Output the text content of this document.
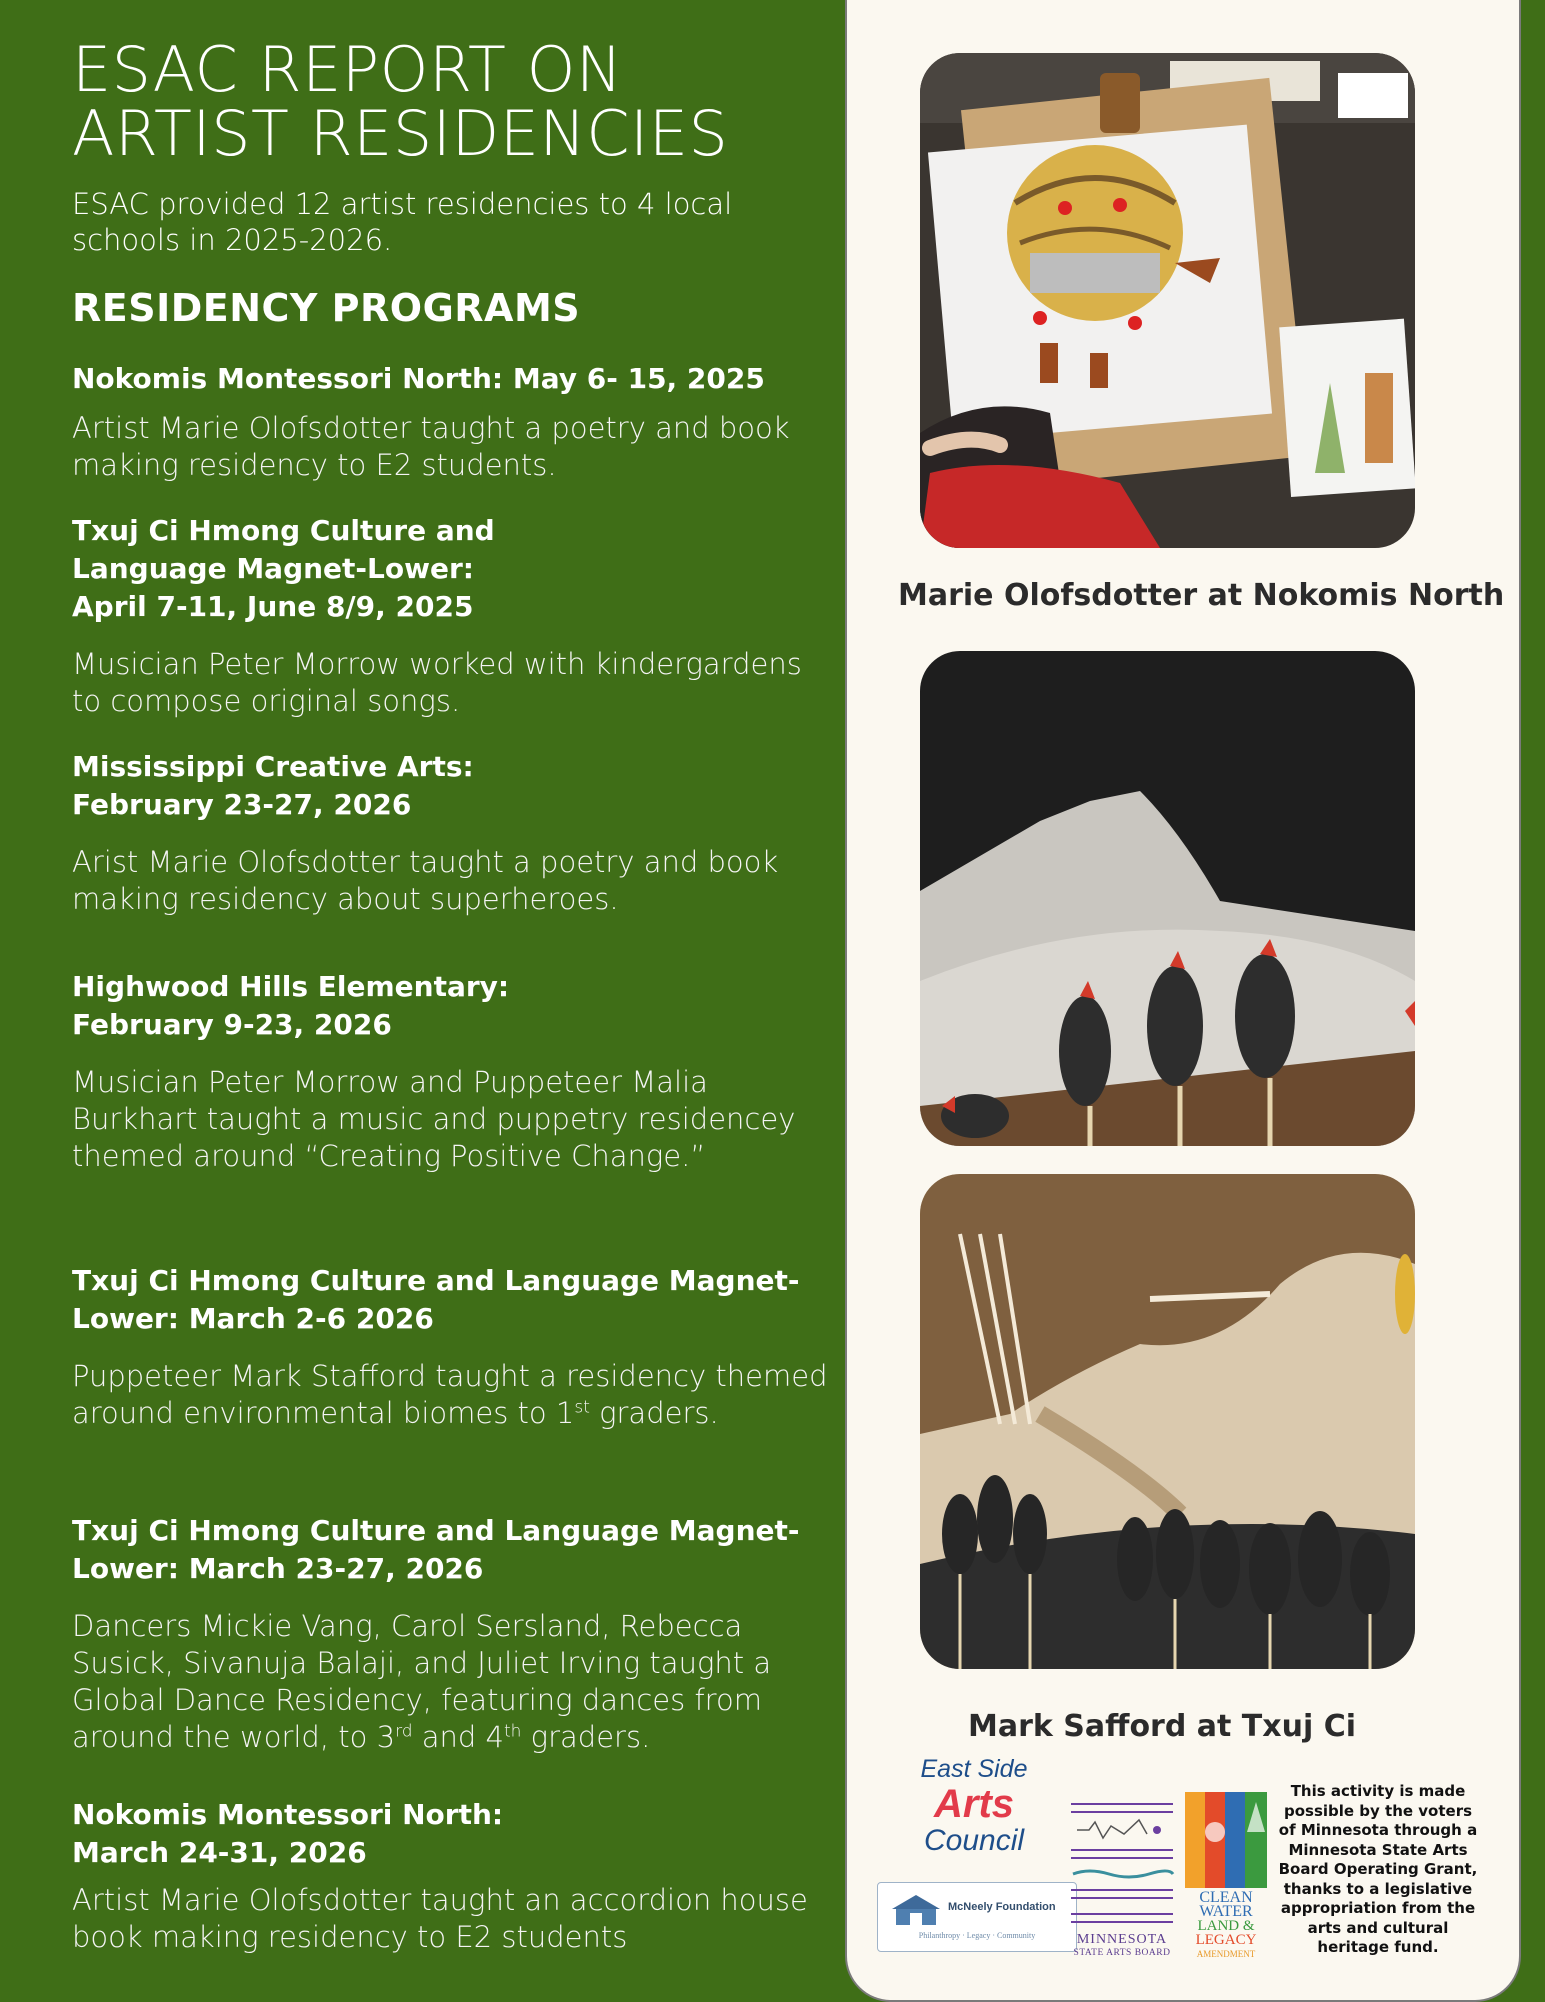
ESAC REPORT ON
ARTIST RESIDENCIES

ESAC provided 12 artist residencies to 4 local schools in 2025-2026.

RESIDENCY PROGRAMS
Nokomis Montessori North: May 6- 15, 2025

Artist Marie Olofsdotter taught a poetry and book making residency to E2 students.

Txuj Ci Hmong Culture and
Language Magnet-Lower:
April 7-11, June 8/9, 2025

Musician Peter Morrow worked with kindergardens to compose original songs.

Mississippi Creative Arts:
February 23-27, 2026

Arist Marie Olofsdotter taught a poetry and book making residency about superheroes.

Highwood Hills Elementary:
February 9-23, 2026

Musician Peter Morrow and Puppeteer Malia Burkhart taught a music and puppetry residencey themed around “Creating Positive Change.”

Txuj Ci Hmong Culture and Language Magnet-
Lower: March 2-6 2026

Puppeteer Mark Stafford taught a residency themed around environmental biomes to 1st graders.

Txuj Ci Hmong Culture and Language Magnet-
Lower: March 23-27, 2026

Dancers Mickie Vang, Carol Sersland, Rebecca Susick, Sivanuja Balaji, and Juliet Irving taught a Global Dance Residency, featuring dances from around the world, to 3rd and 4th graders.

Nokomis Montessori North:
March 24-31, 2026

Artist Marie Olofsdotter taught an accordion house book making residency to E2 students

Marie Olofsdotter at Nokomis North

Mark Safford at Txuj Ci

East Side
Arts
Council
McNeely Foundation
Philanthropy · Legacy · Community	MINNESOTA
STATE ARTS BOARD
CLEAN
WATER
LAND &
LEGACY
AMENDMENT

This activity is made possible by the voters of Minnesota through a Minnesota State Arts Board Operating Grant, thanks to a legislative appropriation from the arts and cultural heritage fund.
